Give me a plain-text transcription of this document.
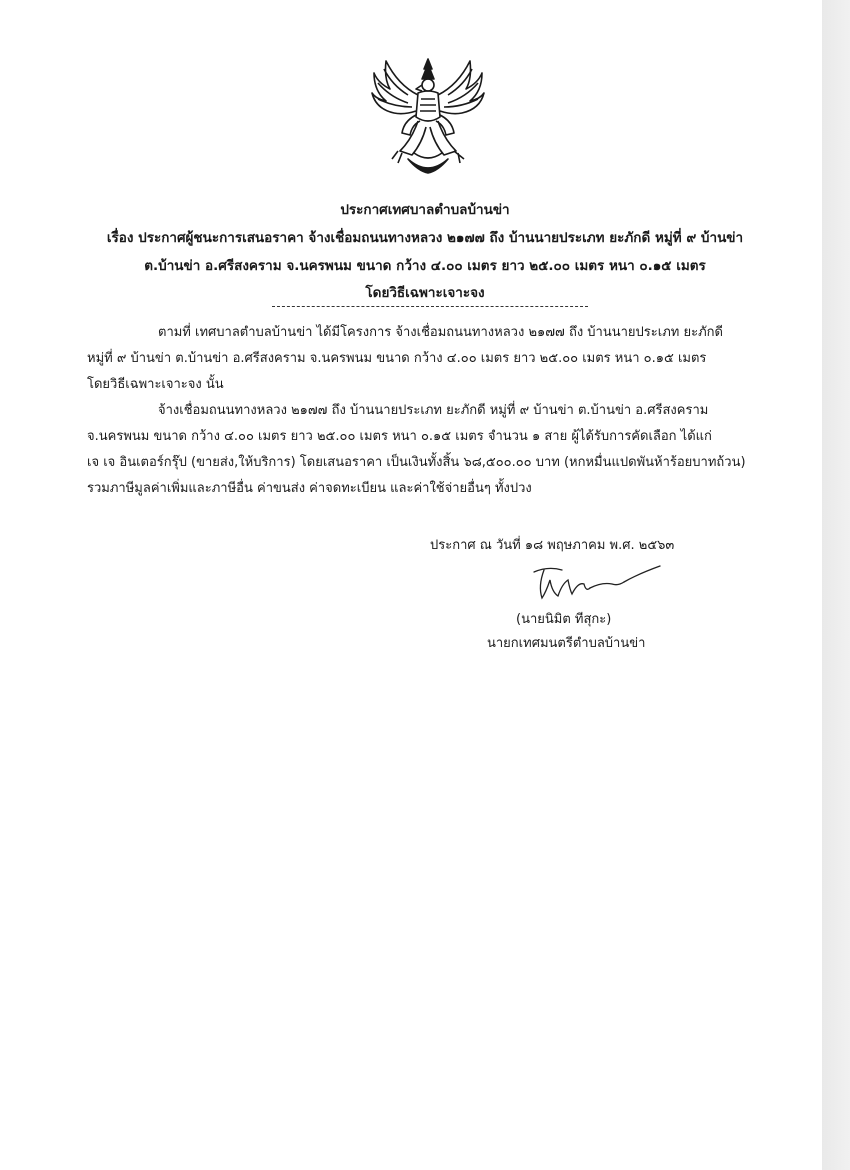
ประกาศเทศบาลตำบลบ้านข่า
เรื่อง ประกาศผู้ชนะการเสนอราคา จ้างเชื่อมถนนทางหลวง ๒๑๗๗ ถึง บ้านนายประเภท ยะภักดี หมู่ที่ ๙ บ้านข่า
ต.บ้านข่า อ.ศรีสงคราม จ.นครพนม ขนาด กว้าง ๔.๐๐ เมตร ยาว ๒๕.๐๐ เมตร หนา ๐.๑๕ เมตร
โดยวิธีเฉพาะเจาะจง
ตามที่ เทศบาลตำบลบ้านข่า ได้มีโครงการ จ้างเชื่อมถนนทางหลวง ๒๑๗๗ ถึง บ้านนายประเภท ยะภักดี
หมู่ที่ ๙ บ้านข่า ต.บ้านข่า อ.ศรีสงคราม จ.นครพนม ขนาด กว้าง ๔.๐๐ เมตร ยาว ๒๕.๐๐ เมตร หนา ๐.๑๕ เมตร
โดยวิธีเฉพาะเจาะจง นั้น
จ้างเชื่อมถนนทางหลวง ๒๑๗๗ ถึง บ้านนายประเภท ยะภักดี หมู่ที่ ๙ บ้านข่า ต.บ้านข่า อ.ศรีสงคราม
จ.นครพนม ขนาด กว้าง ๔.๐๐ เมตร ยาว ๒๕.๐๐ เมตร หนา ๐.๑๕ เมตร จำนวน ๑ สาย ผู้ได้รับการคัดเลือก ได้แก่
เจ เจ อินเตอร์กรุ๊ป (ขายส่ง,ให้บริการ) โดยเสนอราคา เป็นเงินทั้งสิ้น ๖๘,๕๐๐.๐๐ บาท (หกหมื่นแปดพันห้าร้อยบาทถ้วน)
รวมภาษีมูลค่าเพิ่มและภาษีอื่น ค่าขนส่ง ค่าจดทะเบียน และค่าใช้จ่ายอื่นๆ ทั้งปวง
ประกาศ ณ วันที่ ๑๘ พฤษภาคม พ.ศ. ๒๕๖๓
(นายนิมิต ทีสุกะ)
นายกเทศมนตรีตำบลบ้านข่า
